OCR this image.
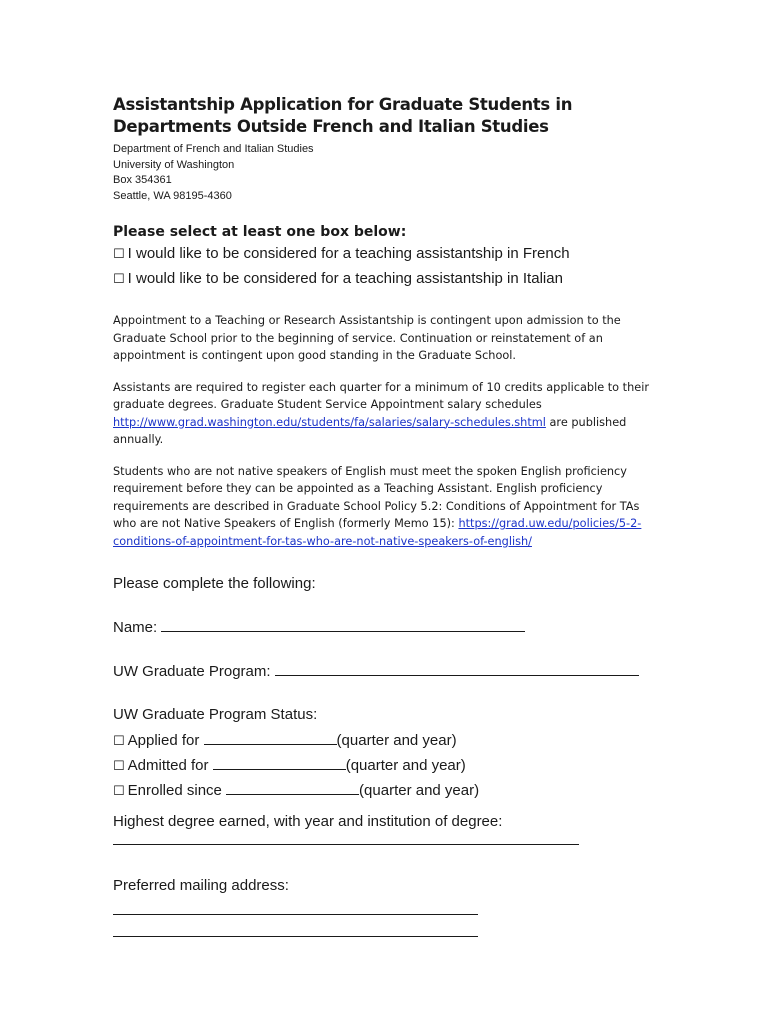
Assistantship Application for Graduate Students in
Departments Outside French and Italian Studies
Department of French and Italian Studies
University of Washington
Box 354361
Seattle, WA 98195-4360
Please select at least one box below:
☐ I would like to be considered for a teaching assistantship in French
☐ I would like to be considered for a teaching assistantship in Italian
Appointment to a Teaching or Research Assistantship is contingent upon admission to the Graduate School prior to the beginning of service. Continuation or reinstatement of an appointment is contingent upon good standing in the Graduate School.
Assistants are required to register each quarter for a minimum of 10 credits applicable to their graduate degrees. Graduate Student Service Appointment salary schedules http://www.grad.washington.edu/students/fa/salaries/salary-schedules.shtml are published annually.
Students who are not native speakers of English must meet the spoken English proficiency requirement before they can be appointed as a Teaching Assistant. English proficiency requirements are described in Graduate School Policy 5.2: Conditions of Appointment for TAs who are not Native Speakers of English (formerly Memo 15): https://grad.uw.edu/policies/5-2-conditions-of-appointment-for-tas-who-are-not-native-speakers-of-english/
Please complete the following:
Name:
UW Graduate Program:
UW Graduate Program Status:
☐ Applied for	(quarter and year)
☐ Admitted for	(quarter and year)
☐ Enrolled since	(quarter and year)
Highest degree earned, with year and institution of degree:
Preferred mailing address:
